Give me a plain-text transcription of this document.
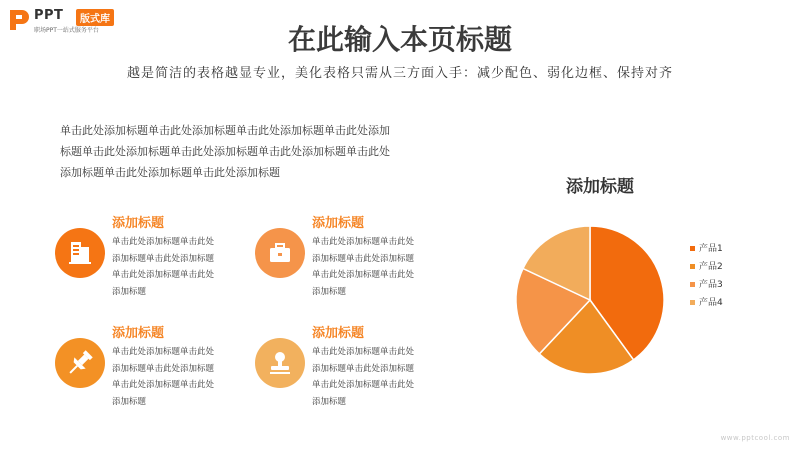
PPT	版式库
职场PPT一站式服务平台	在此输入本页标题
越是简洁的表格越显专业，美化表格只需从三方面入手：减少配色、弱化边框、保持对齐
单击此处添加标题单击此处添加标题单击此处添加标题单击此处添加
标题单击此处添加标题单击此处添加标题单击此处添加标题单击此处
添加标题单击此处添加标题单击此处添加标题
添加标题
单击此处添加标题单击此处
添加标题单击此处添加标题
单击此处添加标题单击此处
添加标题
添加标题
单击此处添加标题单击此处
添加标题单击此处添加标题
单击此处添加标题单击此处
添加标题
添加标题
单击此处添加标题单击此处
添加标题单击此处添加标题
单击此处添加标题单击此处
添加标题
添加标题
单击此处添加标题单击此处
添加标题单击此处添加标题
单击此处添加标题单击此处
添加标题
添加标题
产品1
产品2
产品3
产品4
www.pptcool.com
